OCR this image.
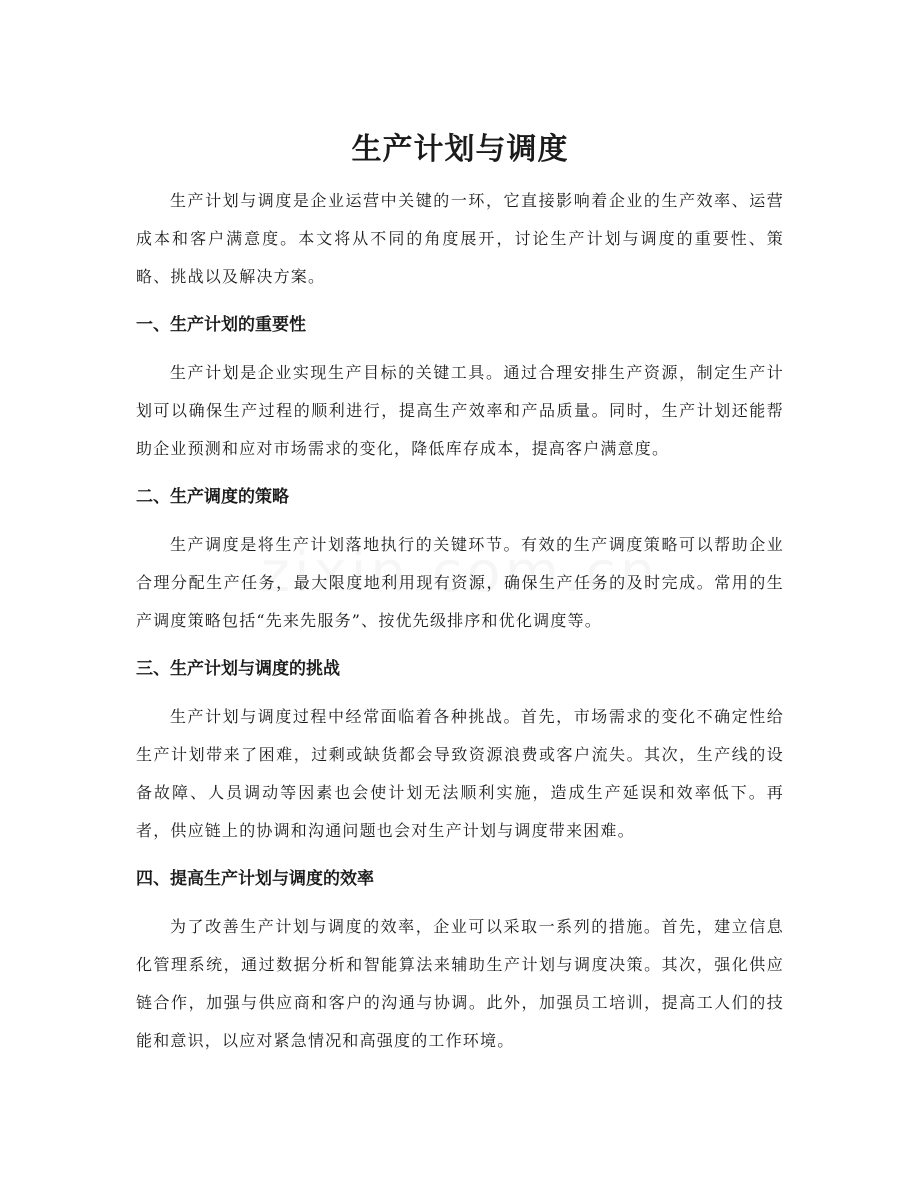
生产计划与调度

生产计划与调度是企业运营中关键的一环，它直接影响着企业的生产效率、运营成本和客户满意度。本文将从不同的角度展开，讨论生产计划与调度的重要性、策略、挑战以及解决方案。

一、生产计划的重要性

生产计划是企业实现生产目标的关键工具。通过合理安排生产资源，制定生产计划可以确保生产过程的顺利进行，提高生产效率和产品质量。同时，生产计划还能帮助企业预测和应对市场需求的变化，降低库存成本，提高客户满意度。

二、生产调度的策略

生产调度是将生产计划落地执行的关键环节。有效的生产调度策略可以帮助企业合理分配生产任务，最大限度地利用现有资源，确保生产任务的及时完成。常用的生产调度策略包括“先来先服务”、按优先级排序和优化调度等。

三、生产计划与调度的挑战

生产计划与调度过程中经常面临着各种挑战。首先，市场需求的变化不确定性给生产计划带来了困难，过剩或缺货都会导致资源浪费或客户流失。其次，生产线的设备故障、人员调动等因素也会使计划无法顺利实施，造成生产延误和效率低下。再者，供应链上的协调和沟通问题也会对生产计划与调度带来困难。

四、提高生产计划与调度的效率

为了改善生产计划与调度的效率，企业可以采取一系列的措施。首先，建立信息化管理系统，通过数据分析和智能算法来辅助生产计划与调度决策。其次，强化供应链合作，加强与供应商和客户的沟通与协调。此外，加强员工培训，提高工人们的技能和意识，以应对紧急情况和高强度的工作环境。
